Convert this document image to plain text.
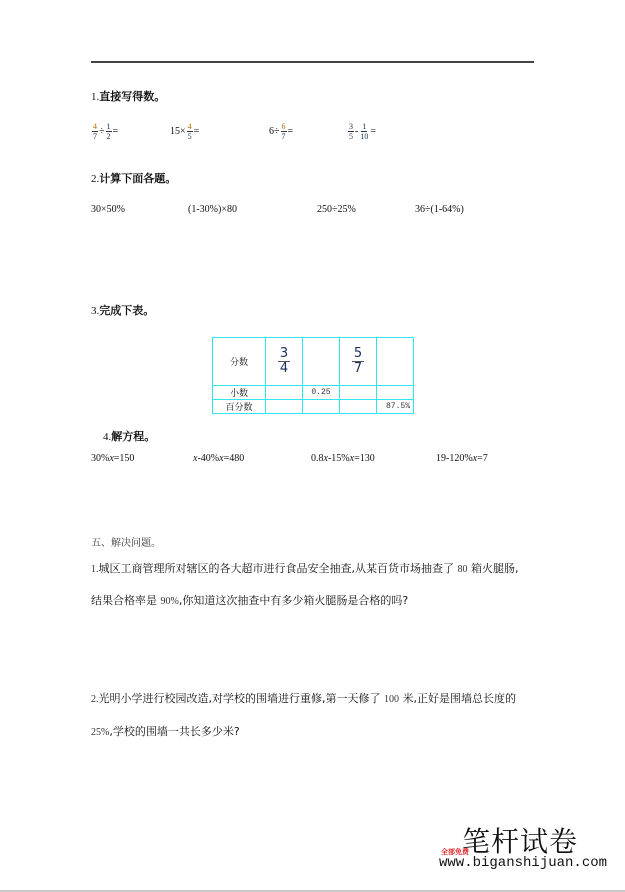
1.直接写得数。
$\frac{4}{7} \div \frac{1}{2}$ =	$15\times \frac{4}{5}$ =	$6\div \frac{6}{7}$ =	$\frac{3}{5} - \frac{1}{10}$ =
2.计算下面各题。
30×50%	(1-30%)×80	250÷25%	36÷(1-64%)
3.完成下表。
分数	$\frac{3}{4}$		$\frac{5}{7}$

小数		0.25		
百分数				87.5%
4.解方程。
30%x=150	x-40%x=480	0.8x-15%x=130	19-120%x=7
五、解决问题。
1.城区工商管理所对辖区的各大超市进行食品安全抽查,从某百货市场抽查了 80 箱火腿肠,
结果合格率是 90%,你知道这次抽查中有多少箱火腿肠是合格的吗?
2.光明小学进行校园改造,对学校的围墙进行重修,第一天修了 100 米,正好是围墙总长度的
25%,学校的围墙一共长多少米?
笔杆试卷
全部免费
www.biganshijuan.com
